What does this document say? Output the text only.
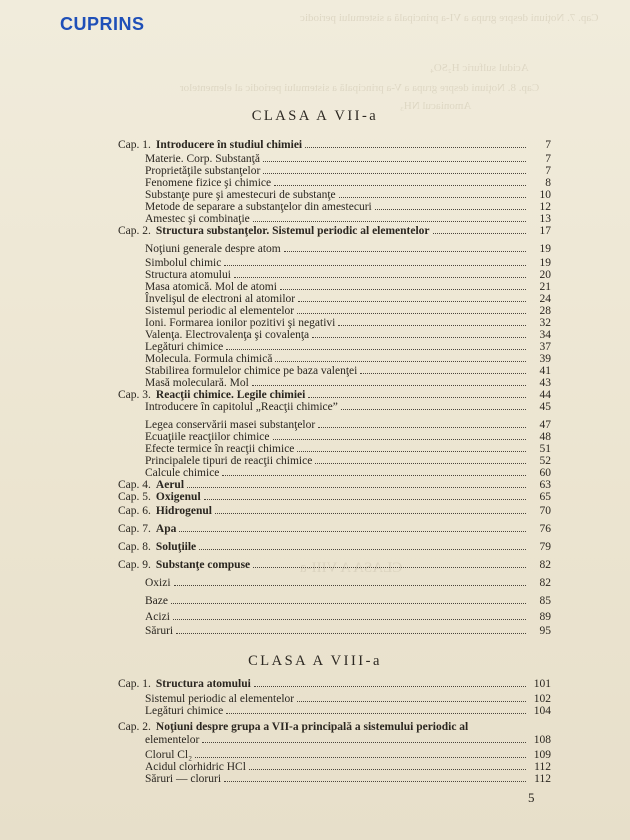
Cap. 7. Noţiuni despre grupa a VI-a principală a sistemului periodic
Acidul sulfuric H₂SO₄
Cap. 8. Noţiuni despre grupa a V-a principală a sistemului periodic al elementelor
Amoniacul NH₃
CLASA A VIII-a
CUPRINS
CLASA A VII-a
Cap. 1. Introducere în studiul chimiei	7
Materie. Corp. Substanţă	7
Proprietăţile substanţelor	7
Fenomene fizice şi chimice	8
Substanţe pure şi amestecuri de substanţe	10
Metode de separare a substanţelor din amestecuri	12
Amestec şi combinaţie	13
Cap. 2. Structura substanţelor. Sistemul periodic al elementelor	17
Noţiuni generale despre atom	19
Simbolul chimic	19
Structura atomului	20
Masa atomică. Mol de atomi	21
Învelişul de electroni al atomilor	24
Sistemul periodic al elementelor	28
Ioni. Formarea ionilor pozitivi şi negativi	32
Valenţa. Electrovalenţa şi covalenţa	34
Legături chimice	37
Molecula. Formula chimică	39
Stabilirea formulelor chimice pe baza valenţei	41
Masă moleculară. Mol	43
Cap. 3. Reacţii chimice. Legile chimiei	44
Introducere în capitolul „Reacţii chimice”	45
Legea conservării masei substanţelor	47
Ecuaţiile reacţiilor chimice	48
Efecte termice în reacţii chimice	51
Principalele tipuri de reacţii chimice	52
Calcule chimice	60
Cap. 4. Aerul	63
Cap. 5. Oxigenul	65
Cap. 6. Hidrogenul	70
Cap. 7. Apa	76
Cap. 8. Soluţiile	79
Cap. 9. Substanţe compuse	82
Oxizi	82
Baze	85
Acizi	89
Săruri	95
CLASA A VIII-a
Cap. 1. Structura atomului	101
Sistemul periodic al elementelor	102
Legături chimice	104
Cap. 2. Noţiuni despre grupa a VII-a principală a sistemului periodic al
elementelor	108
Clorul Cl₂	109
Acidul clorhidric HCl	112
Săruri — cloruri	112
5
